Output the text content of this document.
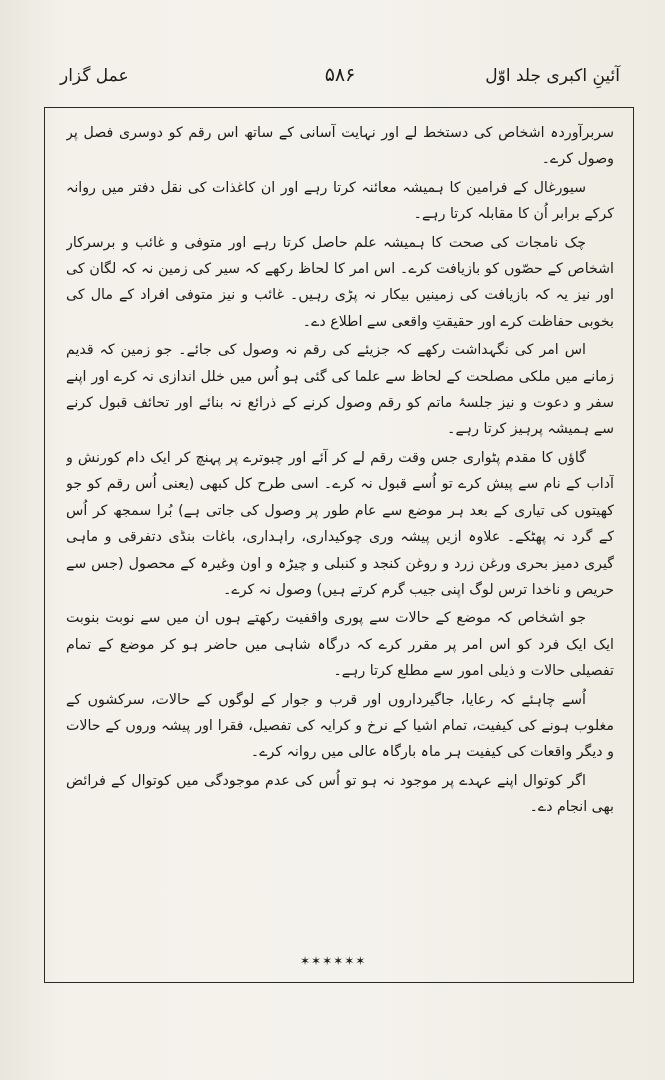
عمل گزار	۵۸۶	آئینِ اکبری جلد اوّل

سربرآوردہ اشخاص کی دستخط لے اور نہایت آسانی کے ساتھ اس رقم کو دوسری فصل پر وصول کرے۔

سیورغال کے فرامین کا ہمیشہ معائنہ کرتا رہے اور ان کاغذات کی نقل دفتر میں روانہ کرکے برابر اُن کا مقابلہ کرتا رہے۔

چک نامجات کی صحت کا ہمیشہ علم حاصل کرتا رہے اور متوفی و غائب و برسرکار اشخاص کے حصّوں کو بازیافت کرے۔ اس امر کا لحاظ رکھے کہ سیر کی زمین نہ کہ لگان کی اور نیز یہ کہ بازیافت کی زمینیں بیکار نہ پڑی رہیں۔ غائب و نیز متوفی افراد کے مال کی بخوبی حفاظت کرے اور حقیقتِ واقعی سے اطلاع دے۔

اس امر کی نگہداشت رکھے کہ جزیئے کی رقم نہ وصول کی جائے۔ جو زمین کہ قدیم زمانے میں ملکی مصلحت کے لحاظ سے علما کی گئی ہو اُس میں خلل اندازی نہ کرے اور اپنے سفر و دعوت و نیز جلسۂ ماتم کو رقم وصول کرنے کے ذرائع نہ بنائے اور تحائف قبول کرنے سے ہمیشہ پرہیز کرتا رہے۔

گاؤں کا مقدم پٹواری جس وقت رقم لے کر آئے اور چبوترے پر پہنچ کر ایک دام کورنش و آداب کے نام سے پیش کرے تو اُسے قبول نہ کرے۔ اسی طرح کل کبھی (یعنی اُس رقم کو جو کھیتوں کی تیاری کے بعد ہر موضع سے عام طور پر وصول کی جاتی ہے) بُرا سمجھ کر اُس کے گرد نہ پھٹکے۔ علاوہ ازیں پیشہ وری چوکیداری، راہداری، باغات بنڈی دتفرقی و ماہی گیری دمیز بحری ورغن زرد و روغن کنجد و کنبلی و چیڑہ و اون وغیرہ کے محصول (جس سے حریص و ناخدا ترس لوگ اپنی جیب گرم کرتے ہیں) وصول نہ کرے۔

جو اشخاص کہ موضع کے حالات سے پوری واقفیت رکھتے ہوں ان میں سے نوبت بنوبت ایک ایک فرد کو اس امر پر مقرر کرے کہ درگاہ شاہی میں حاضر ہو کر موضع کے تمام تفصیلی حالات و ذیلی امور سے مطلع کرتا رہے۔

اُسے چاہئے کہ رعایا، جاگیرداروں اور قرب و جوار کے لوگوں کے حالات، سرکشوں کے مغلوب ہونے کی کیفیت، تمام اشیا کے نرخ و کرایہ کی تفصیل، فقرا اور پیشہ وروں کے حالات و دیگر واقعات کی کیفیت ہر ماہ بارگاہ عالی میں روانہ کرے۔

اگر کوتوال اپنے عہدے پر موجود نہ ہو تو اُس کی عدم موجودگی میں کوتوال کے فرائض بھی انجام دے۔

✶✶✶✶✶✶
